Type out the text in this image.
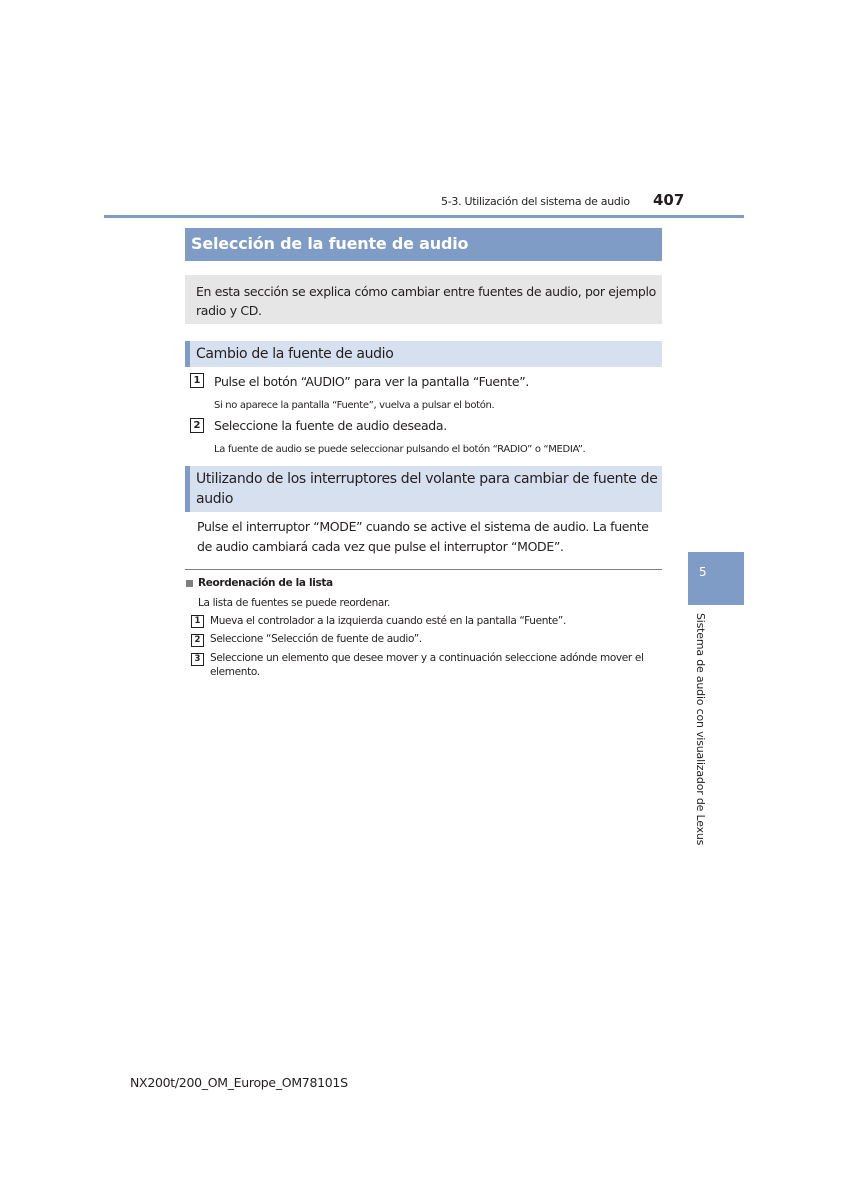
5-3. Utilización del sistema de audio 407
5
Sistema de audio con visualizador de Lexus
Selección de la fuente de audio
En esta sección se explica cómo cambiar entre fuentes de audio, por ejemplo radio y CD.
Cambio de la fuente de audio
1 Pulse el botón “AUDIO” para ver la pantalla “Fuente”.
Si no aparece la pantalla “Fuente”, vuelva a pulsar el botón.
2 Seleccione la fuente de audio deseada.
La fuente de audio se puede seleccionar pulsando el botón “RADIO” o “MEDIA”.
Utilizando de los interruptores del volante para cambiar de fuente de audio
Pulse el interruptor “MODE” cuando se active el sistema de audio. La fuente de audio cambiará cada vez que pulse el interruptor “MODE”.
Reordenación de la lista
La lista de fuentes se puede reordenar.
1 Mueva el controlador a la izquierda cuando esté en la pantalla “Fuente”.
2 Seleccione “Selección de fuente de audio”.
3 Seleccione un elemento que desee mover y a continuación seleccione adónde mover el elemento.
NX200t/200_OM_Europe_OM78101S
